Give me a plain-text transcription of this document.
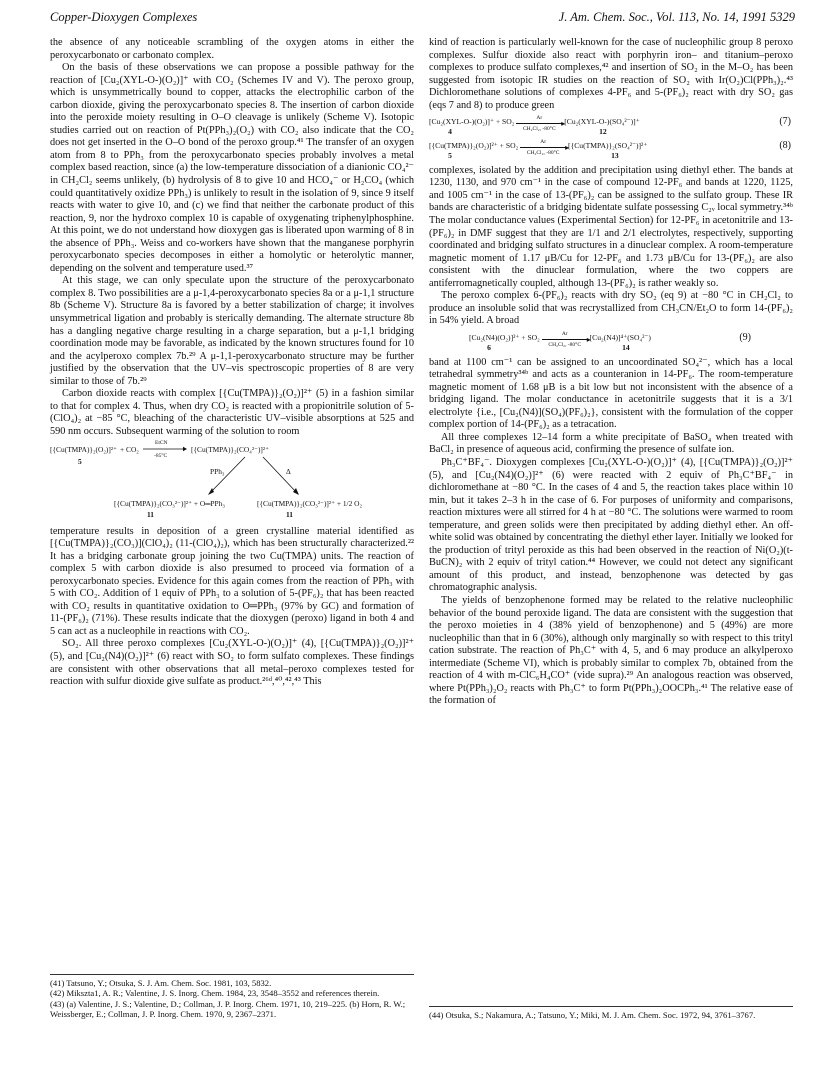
Copper-Dioxygen Complexes	J. Am. Chem. Soc., Vol. 113, No. 14, 1991 5329

the absence of any noticeable scrambling of the oxygen atoms in either the peroxycarbonato or carbonato complex.

On the basis of these observations we can propose a possible pathway for the reaction of [Cu₂(XYL-O-)(O₂)]⁺ with CO₂ (Schemes IV and V). The peroxo group, which is unsymmetrically bound to copper, attacks the electrophilic carbon of the carbon dioxide, giving the peroxycarbonato species 8. The insertion of carbon dioxide into the peroxide moiety resulting in O–O cleavage is unlikely (Scheme V). Isotopic studies carried out on reaction of Pt(PPh₃)₂(O₂) with CO₂ also indicate that the CO₂ does not get inserted in the O–O bond of the peroxo group.⁴¹ The transfer of an oxygen atom from 8 to PPh₃ from the peroxycarbonato species probably involves a metal complex based reaction, since (a) the low-temperature dissociation of a dianionic CO₄²⁻ in CH₂Cl₂ seems unlikely, (b) hydrolysis of 8 to give 10 and HCO₄⁻ or H₂CO₄ (which could quantitatively oxidize PPh₃) is unlikely to result in the isolation of 9, since 9 itself reacts with water to give 10, and (c) we find that neither the carbonate product of this reaction, 9, nor the hydroxo complex 10 is capable of oxygenating triphenylphosphine. At this point, we do not understand how dioxygen gas is liberated upon warming of 8 in the absence of PPh₃. Weiss and co-workers have shown that the manganese porphyrin peroxycarbonato species decomposes in either a homolytic or heterolytic manner, depending on the solvent and temperature used.³⁷

At this stage, we can only speculate upon the structure of the peroxycarbonato complex 8. Two possibilities are a μ-1,4-peroxycarbonato species 8a or a μ-1,1 structure 8b (Scheme V). Structure 8a is favored by a better stabilization of charge; it involves unsymmetrical ligation and probably is sterically demanding. The alternate structure 8b has a dangling negative charge resulting in a charge separation, but a μ-1,1 bridging coordination mode may be favorable, as indicated by the known structures found for 10 and the acylperoxo complex 7b.²⁹ A μ-1,1-peroxycarbonato structure may be further justified by the observation that the UV–vis spectroscopic properties of 8 are very similar to those of 7b.²⁹

Carbon dioxide reacts with complex [{Cu(TMPA)}₂(O₂)]²⁺ (5) in a fashion similar to that for complex 4. Thus, when dry CO₂ is reacted with a propionitrile solution of 5-(ClO₄)₂ at −85 °C, bleaching of the characteristic UV–visible absorptions at 525 and 590 nm occurs. Subsequent warming of the solution to room

[{Cu(TMPA)}₂(O₂)]²⁺ + CO₂
EtCN
-85°C
[{Cu(TMPA)}₂(CO₄²⁻)]²⁺
5
PPh₃	Δ
[{Cu(TMPA)}₂(CO₃²⁻)]²⁺ + O═PPh₃	[{Cu(TMPA)}₂(CO₃²⁻)]²⁺ + 1/2 O₂
11	11

temperature results in deposition of a green crystalline material identified as [{Cu(TMPA)}₂(CO₃)](ClO₄)₂ (11-(ClO₄)₂), which has been structurally characterized.²² It has a bridging carbonate group joining the two Cu(TMPA) units. The reaction of complex 5 with carbon dioxide is also presumed to proceed via formation of a peroxycarbonato species. Evidence for this again comes from the reaction of PPh₃ with 5 with CO₂. Addition of 1 equiv of PPh₃ to a solution of 5-(PF₆)₂ that has been reacted with CO₂ results in quantitative oxidation to O═PPh₃ (97% by GC) and formation of 11-(PF₆)₂ (71%). These results indicate that the dioxygen (peroxo) ligand in both 4 and 5 can act as a nucleophile in reactions with CO₂.

SO₂. All three peroxo complexes [Cu₂(XYL-O-)(O₂)]⁺ (4), [{Cu(TMPA)}₂(O₂)]²⁺ (5), and [Cu₂(N4)(O₂)]²⁺ (6) react with SO₂ to form sulfato complexes. These findings are consistent with other observations that all metal–peroxo complexes tested for reaction with sulfur dioxide give sulfate as product.²⁶ᵈ,⁴⁰,⁴²,⁴³ This

(41) Tatsuno, Y.; Otsuka, S. J. Am. Chem. Soc. 1981, 103, 5832.

(42) Mikszta1, A. R.; Valentine, J. S. Inorg. Chem. 1984, 23, 3548–3552 and references therein.

(43) (a) Valentine, J. S.; Valentine, D.; Collman, J. P. Inorg. Chem. 1971, 10, 219–225. (b) Horn, R. W.; Weissberger, E.; Collman, J. P. Inorg. Chem. 1970, 9, 2367–2371.

kind of reaction is particularly well-known for the case of nucleophilic group 8 peroxo complexes. Sulfur dioxide also react with porphyrin iron– and titanium–peroxo complexes to produce sulfato complexes,⁴² and insertion of SO₂ in the M–O₂ has been suggested from isotopic IR studies on the reaction of SO₂ with Ir(O₂)Cl(PPh₃)₂.⁴³ Dichloromethane solutions of complexes 4-PF₆ and 5-(PF₆)₂ react with dry SO₂ gas (eqs 7 and 8) to produce green

[Cu₂(XYL-O-)(O₂)]⁺ + SO₂	Ar
▸
CH₂Cl₂, -80°C
[Cu₂(XYL-O-)(SO₄²⁻)]⁺
4	12
(7)
[{Cu(TMPA)}₂(O₂)]²⁺ + SO₂	Ar
▸
CH₂Cl₂, -80°C
[{Cu(TMPA)}₂(SO₄²⁻)]²⁺
5	13
(8)

complexes, isolated by the addition and precipitation using diethyl ether. The bands at 1230, 1130, and 970 cm⁻¹ in the case of compound 12-PF₆ and bands at 1220, 1125, and 1005 cm⁻¹ in the case of 13-(PF₆)₂ can be assigned to the sulfato group. These IR bands are characteristic of a bridging bidentate sulfate possessing C₂ᵥ local symmetry.³⁴ᵇ The molar conductance values (Experimental Section) for 12-PF₆ in acetonitrile and 13-(PF₆)₂ in DMF suggest that they are 1/1 and 2/1 electrolytes, respectively, supporting coordinated and bridging sulfato structures in a dinuclear complex. A room-temperature magnetic moment of 1.17 μB/Cu for 12-PF₆ and 1.73 μB/Cu for 13-(PF₆)₂ are also consistent with the dinuclear formulation, where the two coppers are antiferromagnetically coupled, although 13-(PF₆)₂ is rather weakly so.

The peroxo complex 6-(PF₆)₂ reacts with dry SO₂ (eq 9) at −80 °C in CH₂Cl₂ to produce an insoluble solid that was recrystallized from CH₃CN/Et₂O to form 14-(PF₆)₂ in 54% yield. A broad

[Cu₂(N4)(O₂)]²⁺ + SO₂	Ar
▸
CH₂Cl₂, -80°C
[Cu₂(N4)]⁴⁺(SO₄²⁻)
6	14
(9)

band at 1100 cm⁻¹ can be assigned to an uncoordinated SO₄²⁻, which has a local tetrahedral symmetry³⁴ᵇ and acts as a counteranion in 14-PF₆. The room-temperature magnetic moment of 1.68 μB is a bit low but not inconsistent with the absence of a bridging ligand. The molar conductance in acetonitrile suggests that it is a 3/1 electrolyte {i.e., [Cu₂(N4)](SO₄)(PF₆)₂}, consistent with the formulation of the copper complex portion of 14-(PF₆)₂ as a tetracation.

All three complexes 12–14 form a white precipitate of BaSO₄ when treated with BaCl₂ in presence of aqueous acid, confirming the presence of sulfate ion.

Ph₃C⁺BF₄⁻. Dioxygen complexes [Cu₂(XYL-O-)(O₂)]⁺ (4), [{Cu(TMPA)}₂(O₂)]²⁺ (5), and [Cu₂(N4)(O₂)]²⁺ (6) were reacted with 2 equiv of Ph₃C⁺BF₄⁻ in dichloromethane at −80 °C. In the cases of 4 and 5, the reaction takes place within 10 min, but it takes 2–3 h in the case of 6. For purposes of uniformity and comparisons, reaction mixtures were all stirred for 4 h at −80 °C. The solutions were warmed to room temperature, and green solids were then precipitated by adding diethyl ether. An off-white solid was obtained by concentrating the diethyl ether layer. Initially we looked for the production of trityl peroxide as this had been observed in the reaction of Ni(O₂)(t-BuCN)₂ with 2 equiv of trityl cation.⁴⁴ However, we could not detect any significant amount of this product, and instead, benzophenone was detected by gas chromatographic analysis.

The yields of benzophenone formed may be related to the relative nucleophilic behavior of the bound peroxide ligand. The data are consistent with the suggestion that the peroxo moieties in 4 (38% yield of benzophenone) and 5 (49%) are more nucleophilic than that in 6 (30%), although only marginally so with respect to this trityl cation substrate. The reaction of Ph₃C⁺ with 4, 5, and 6 may produce an alkylperoxo intermediate (Scheme VI), which is probably similar to complex 7b, obtained from the reaction of 4 with m-ClC₆H₄CO⁺ (vide supra).²⁹ An analogous reaction was observed, where Pt(PPh₃)₂O₂ reacts with Ph₃C⁺ to form Pt(PPh₃)₂OOCPh₃.⁴¹ The relative ease of the formation of

(44) Otsuka, S.; Nakamura, A.; Tatsuno, Y.; Miki, M. J. Am. Chem. Soc. 1972, 94, 3761–3767.
